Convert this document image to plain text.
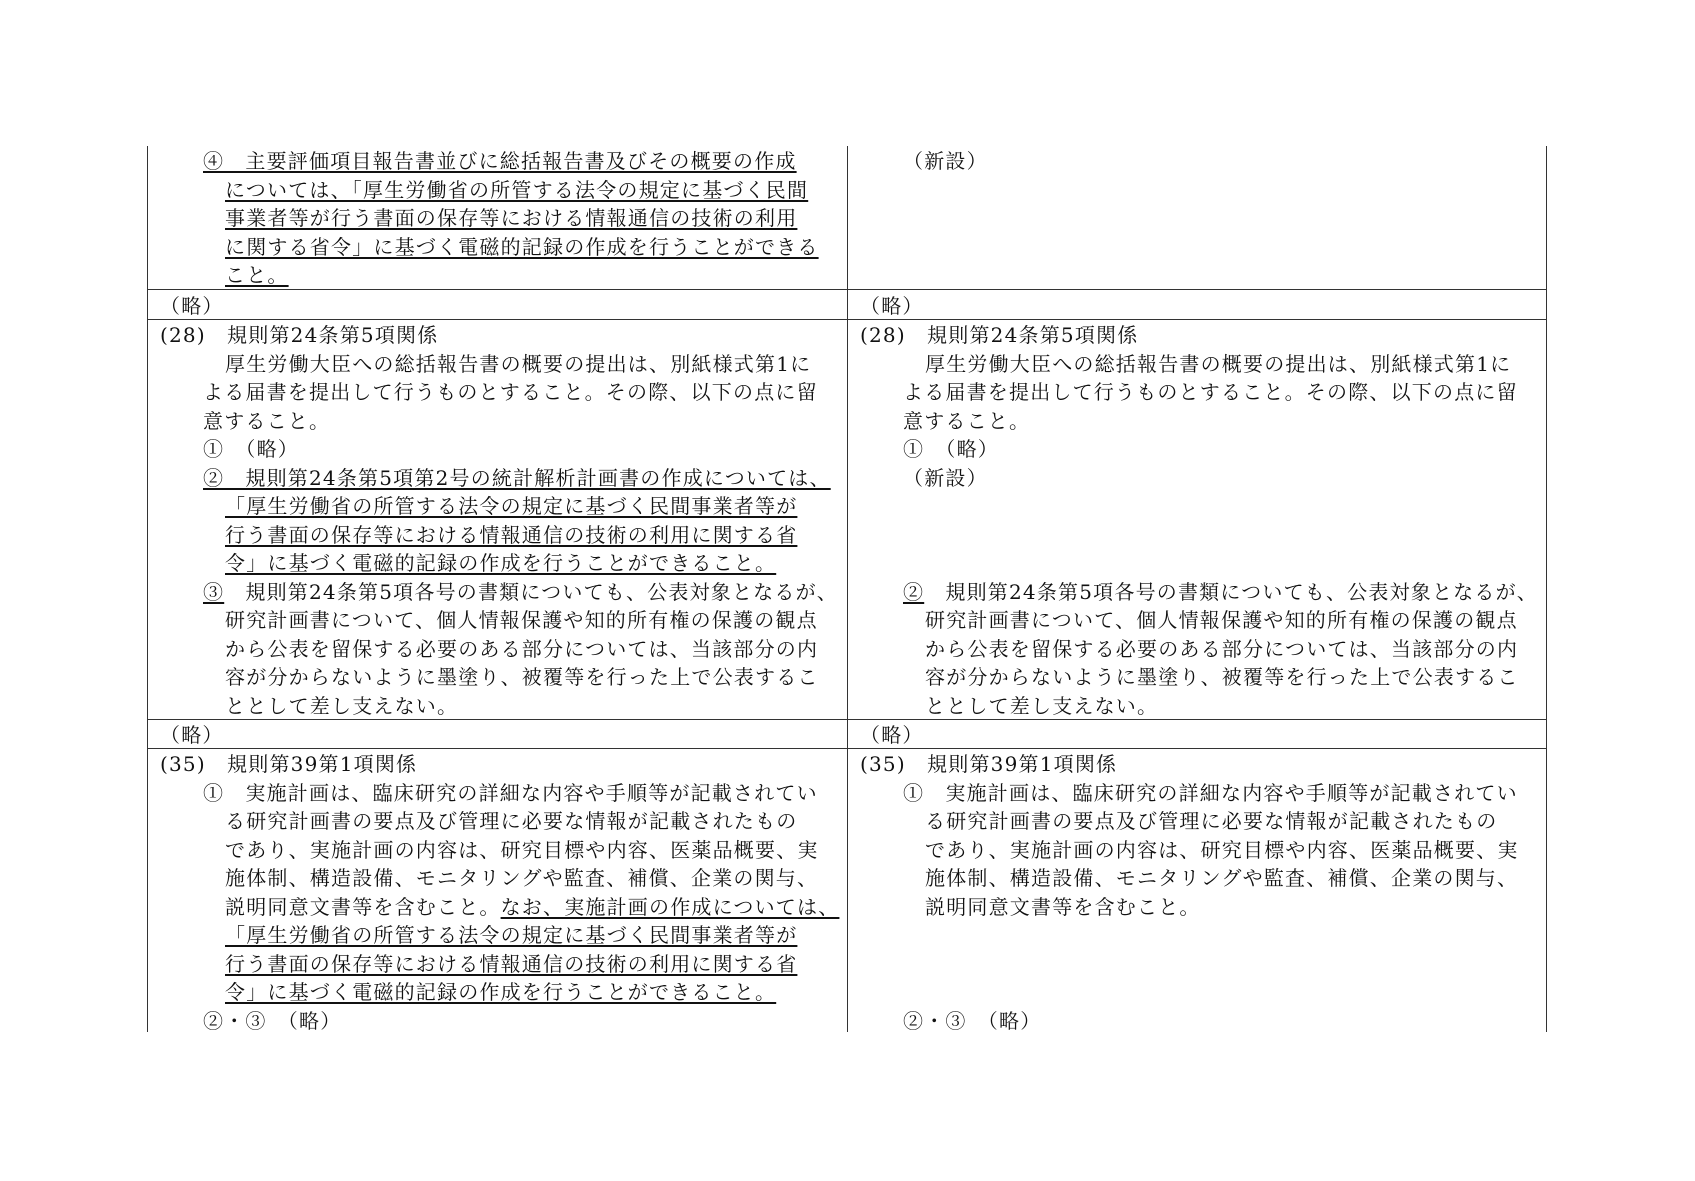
④　主要評価項目報告書並びに総括報告書及びその概要の作成
については、「厚生労働省の所管する法令の規定に基づく民間
事業者等が行う書面の保存等における情報通信の技術の利用
に関する省令」に基づく電磁的記録の作成を行うことができる
こと。
（略）
(28)　規則第24条第5項関係
厚生労働大臣への総括報告書の概要の提出は、別紙様式第1に
よる届書を提出して行うものとすること。その際、以下の点に留
意すること。
①　（略）
②　規則第24条第5項第2号の統計解析計画書の作成については、
「厚生労働省の所管する法令の規定に基づく民間事業者等が
行う書面の保存等における情報通信の技術の利用に関する省
令」に基づく電磁的記録の作成を行うことができること。
③　規則第24条第5項各号の書類についても、公表対象となるが、
研究計画書について、個人情報保護や知的所有権の保護の観点
から公表を留保する必要のある部分については、当該部分の内
容が分からないように墨塗り、被覆等を行った上で公表するこ
ととして差し支えない。
（略）
(35)　規則第39第1項関係
①　実施計画は、臨床研究の詳細な内容や手順等が記載されてい
る研究計画書の要点及び管理に必要な情報が記載されたもの
であり、実施計画の内容は、研究目標や内容、医薬品概要、実
施体制、構造設備、モニタリングや監査、補償、企業の関与、
説明同意文書等を含むこと。なお、実施計画の作成については、
「厚生労働省の所管する法令の規定に基づく民間事業者等が
行う書面の保存等における情報通信の技術の利用に関する省
令」に基づく電磁的記録の作成を行うことができること。
②・③　（略）
（新設）
（略）
(28)　規則第24条第5項関係
厚生労働大臣への総括報告書の概要の提出は、別紙様式第1に
よる届書を提出して行うものとすること。その際、以下の点に留
意すること。
①　（略）
（新設）
②　規則第24条第5項各号の書類についても、公表対象となるが、
研究計画書について、個人情報保護や知的所有権の保護の観点
から公表を留保する必要のある部分については、当該部分の内
容が分からないように墨塗り、被覆等を行った上で公表するこ
ととして差し支えない。
（略）
(35)　規則第39第1項関係
①　実施計画は、臨床研究の詳細な内容や手順等が記載されてい
る研究計画書の要点及び管理に必要な情報が記載されたもの
であり、実施計画の内容は、研究目標や内容、医薬品概要、実
施体制、構造設備、モニタリングや監査、補償、企業の関与、
説明同意文書等を含むこと。
②・③　（略）
